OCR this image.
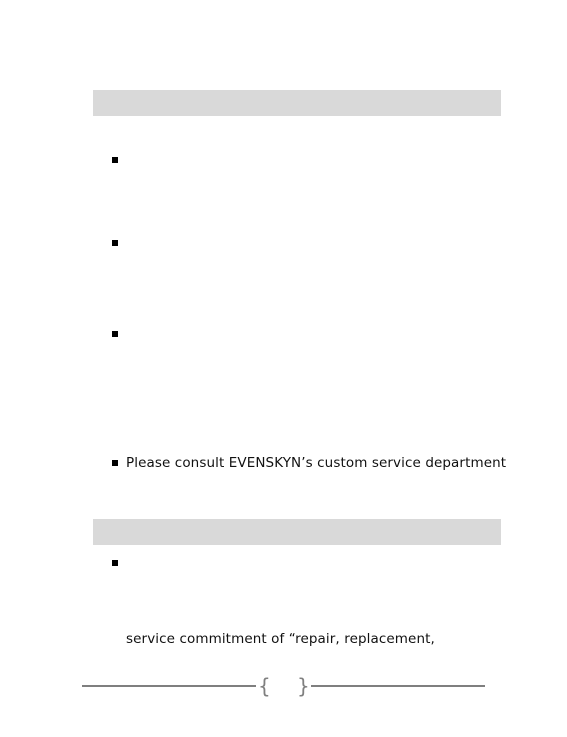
Please consult EVENSKYN’s custom service department
service commitment of “repair, replacement,
{ }
